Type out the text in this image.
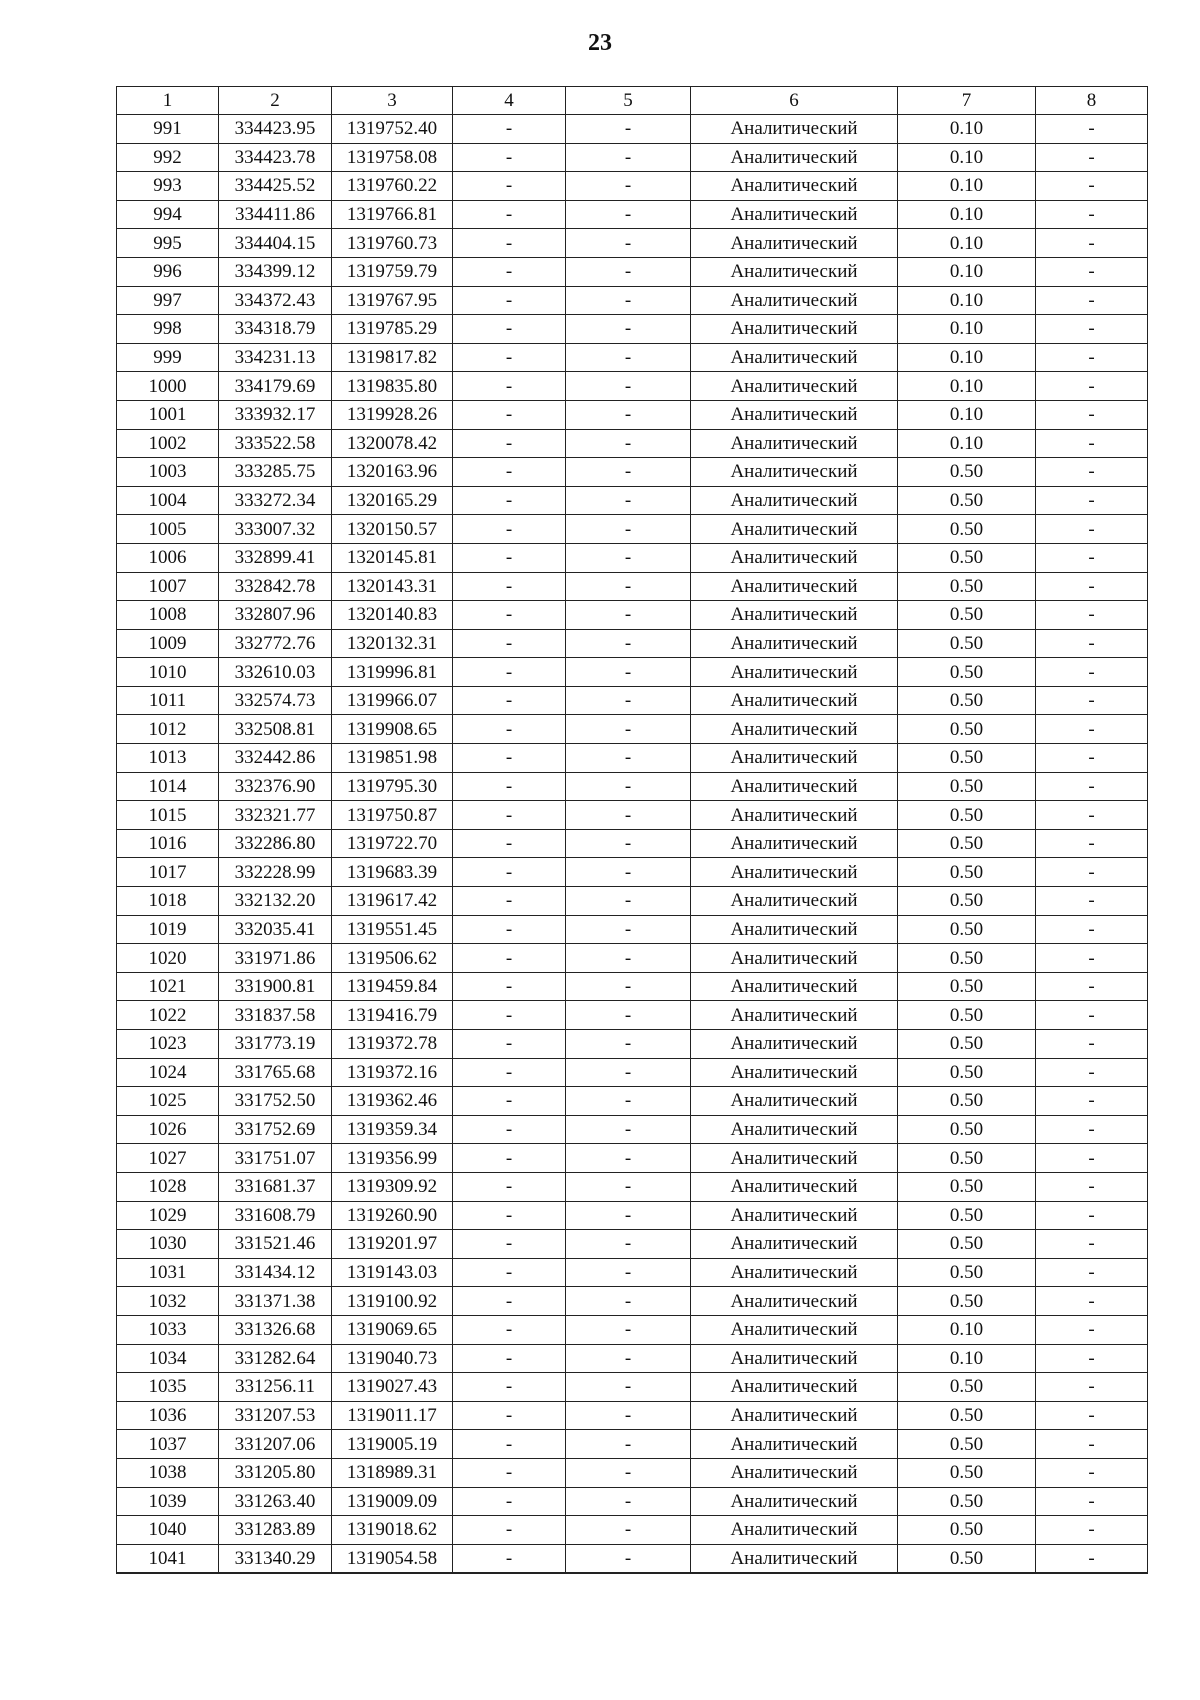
23
1	2	3	4	5	6	7	8
991	334423.95	1319752.40	-	-	Аналитический	0.10	-
992	334423.78	1319758.08	-	-	Аналитический	0.10	-
993	334425.52	1319760.22	-	-	Аналитический	0.10	-
994	334411.86	1319766.81	-	-	Аналитический	0.10	-
995	334404.15	1319760.73	-	-	Аналитический	0.10	-
996	334399.12	1319759.79	-	-	Аналитический	0.10	-
997	334372.43	1319767.95	-	-	Аналитический	0.10	-
998	334318.79	1319785.29	-	-	Аналитический	0.10	-
999	334231.13	1319817.82	-	-	Аналитический	0.10	-
1000	334179.69	1319835.80	-	-	Аналитический	0.10	-
1001	333932.17	1319928.26	-	-	Аналитический	0.10	-
1002	333522.58	1320078.42	-	-	Аналитический	0.10	-
1003	333285.75	1320163.96	-	-	Аналитический	0.50	-
1004	333272.34	1320165.29	-	-	Аналитический	0.50	-
1005	333007.32	1320150.57	-	-	Аналитический	0.50	-
1006	332899.41	1320145.81	-	-	Аналитический	0.50	-
1007	332842.78	1320143.31	-	-	Аналитический	0.50	-
1008	332807.96	1320140.83	-	-	Аналитический	0.50	-
1009	332772.76	1320132.31	-	-	Аналитический	0.50	-
1010	332610.03	1319996.81	-	-	Аналитический	0.50	-
1011	332574.73	1319966.07	-	-	Аналитический	0.50	-
1012	332508.81	1319908.65	-	-	Аналитический	0.50	-
1013	332442.86	1319851.98	-	-	Аналитический	0.50	-
1014	332376.90	1319795.30	-	-	Аналитический	0.50	-
1015	332321.77	1319750.87	-	-	Аналитический	0.50	-
1016	332286.80	1319722.70	-	-	Аналитический	0.50	-
1017	332228.99	1319683.39	-	-	Аналитический	0.50	-
1018	332132.20	1319617.42	-	-	Аналитический	0.50	-
1019	332035.41	1319551.45	-	-	Аналитический	0.50	-
1020	331971.86	1319506.62	-	-	Аналитический	0.50	-
1021	331900.81	1319459.84	-	-	Аналитический	0.50	-
1022	331837.58	1319416.79	-	-	Аналитический	0.50	-
1023	331773.19	1319372.78	-	-	Аналитический	0.50	-
1024	331765.68	1319372.16	-	-	Аналитический	0.50	-
1025	331752.50	1319362.46	-	-	Аналитический	0.50	-
1026	331752.69	1319359.34	-	-	Аналитический	0.50	-
1027	331751.07	1319356.99	-	-	Аналитический	0.50	-
1028	331681.37	1319309.92	-	-	Аналитический	0.50	-
1029	331608.79	1319260.90	-	-	Аналитический	0.50	-
1030	331521.46	1319201.97	-	-	Аналитический	0.50	-
1031	331434.12	1319143.03	-	-	Аналитический	0.50	-
1032	331371.38	1319100.92	-	-	Аналитический	0.50	-
1033	331326.68	1319069.65	-	-	Аналитический	0.10	-
1034	331282.64	1319040.73	-	-	Аналитический	0.10	-
1035	331256.11	1319027.43	-	-	Аналитический	0.50	-
1036	331207.53	1319011.17	-	-	Аналитический	0.50	-
1037	331207.06	1319005.19	-	-	Аналитический	0.50	-
1038	331205.80	1318989.31	-	-	Аналитический	0.50	-
1039	331263.40	1319009.09	-	-	Аналитический	0.50	-
1040	331283.89	1319018.62	-	-	Аналитический	0.50	-
1041	331340.29	1319054.58	-	-	Аналитический	0.50	-
